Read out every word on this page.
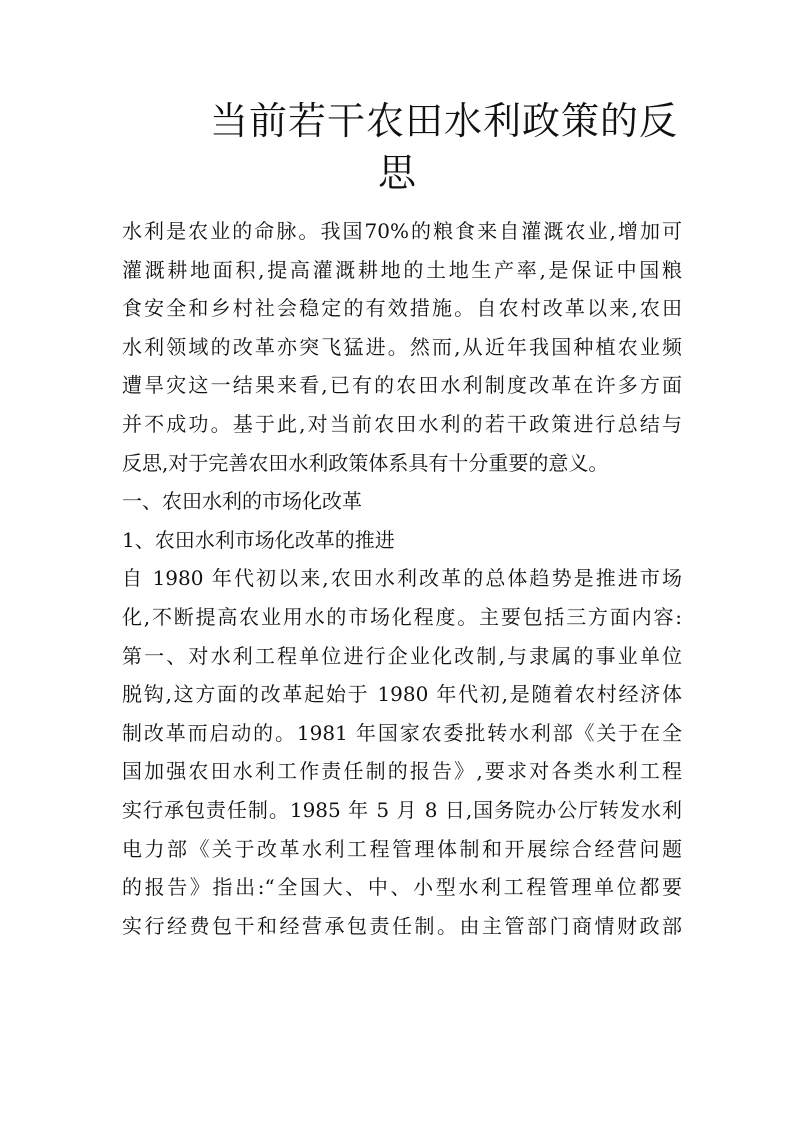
当前若干农田水利政策的反
思
水利是农业的命脉。我国70%的粮食来自灌溉农业,增加可
灌溉耕地面积,提高灌溉耕地的土地生产率,是保证中国粮
食安全和乡村社会稳定的有效措施。自农村改革以来,农田
水利领域的改革亦突飞猛进。然而,从近年我国种植农业频
遭旱灾这一结果来看,已有的农田水利制度改革在许多方面
并不成功。基于此,对当前农田水利的若干政策进行总结与
反思,对于完善农田水利政策体系具有十分重要的意义。
一、农田水利的市场化改革
1、农田水利市场化改革的推进
自 1980 年代初以来,农田水利改革的总体趋势是推进市场
化,不断提高农业用水的市场化程度。主要包括三方面内容:
第一、对水利工程单位进行企业化改制,与隶属的事业单位
脱钩,这方面的改革起始于 1980 年代初,是随着农村经济体
制改革而启动的。1981 年国家农委批转水利部《关于在全
国加强农田水利工作责任制的报告》,要求对各类水利工程
实行承包责任制。1985 年 5 月 8 日,国务院办公厅转发水利
电力部《关于改革水利工程管理体制和开展综合经营问题
的报告》指出:“全国大、中、小型水利工程管理单位都要
实行经费包干和经营承包责任制。由主管部门商情财政部
